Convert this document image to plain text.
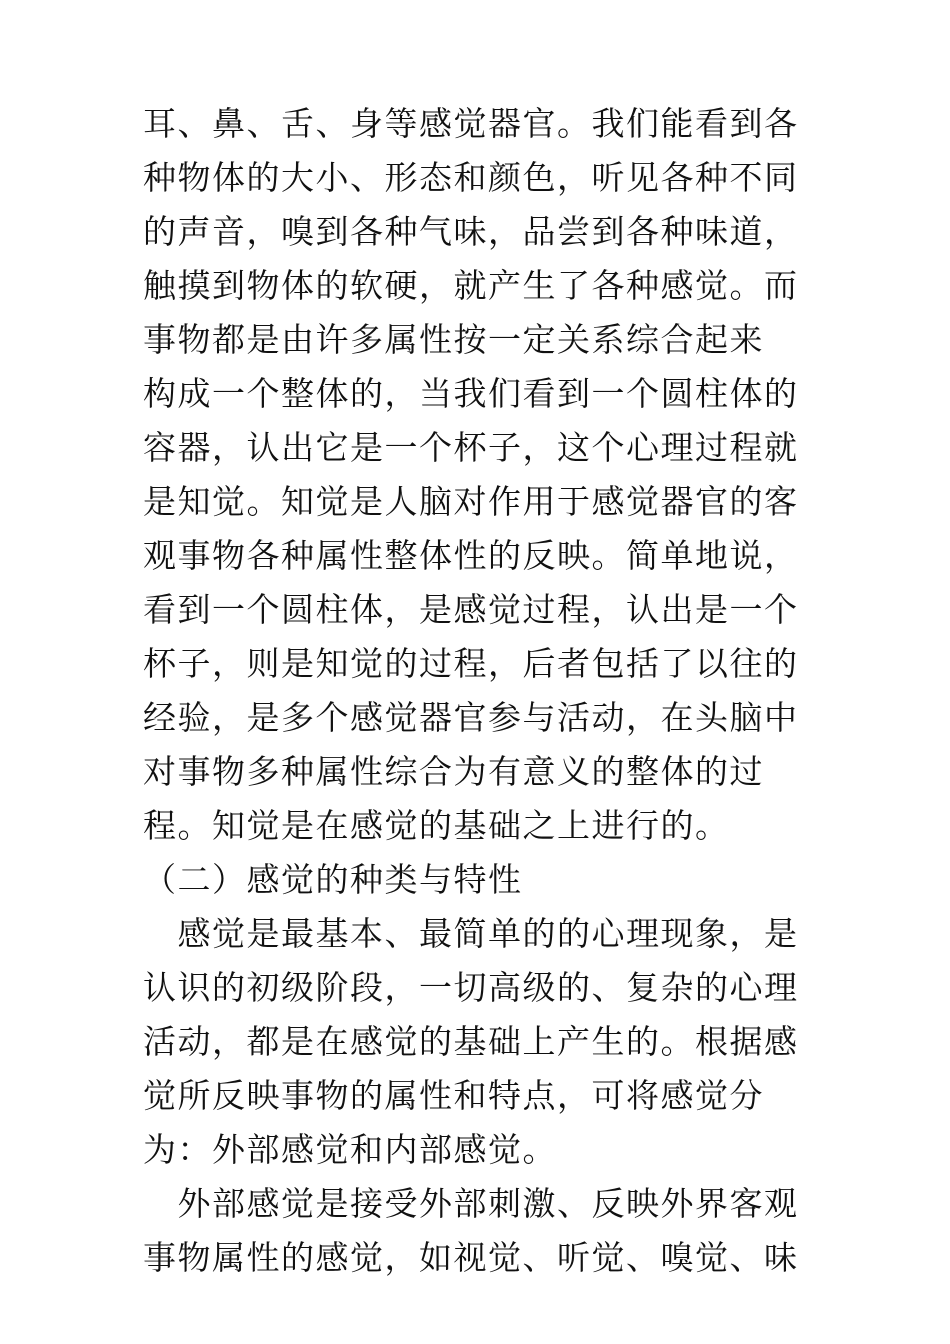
耳、鼻、舌、身等感觉器官。我们能看到各
种物体的大小、形态和颜色，听见各种不同
的声音，嗅到各种气味，品尝到各种味道，
触摸到物体的软硬，就产生了各种感觉。而
事物都是由许多属性按一定关系综合起来
构成一个整体的，当我们看到一个圆柱体的
容器，认出它是一个杯子，这个心理过程就
是知觉。知觉是人脑对作用于感觉器官的客
观事物各种属性整体性的反映。简单地说，
看到一个圆柱体，是感觉过程，认出是一个
杯子，则是知觉的过程，后者包括了以往的
经验，是多个感觉器官参与活动，在头脑中
对事物多种属性综合为有意义的整体的过
程。知觉是在感觉的基础之上进行的。
（二）感觉的种类与特性
　感觉是最基本、最简单的的心理现象，是
认识的初级阶段，一切高级的、复杂的心理
活动，都是在感觉的基础上产生的。根据感
觉所反映事物的属性和特点，可将感觉分
为：外部感觉和内部感觉。
　外部感觉是接受外部刺激、反映外界客观
事物属性的感觉，如视觉、听觉、嗅觉、味
